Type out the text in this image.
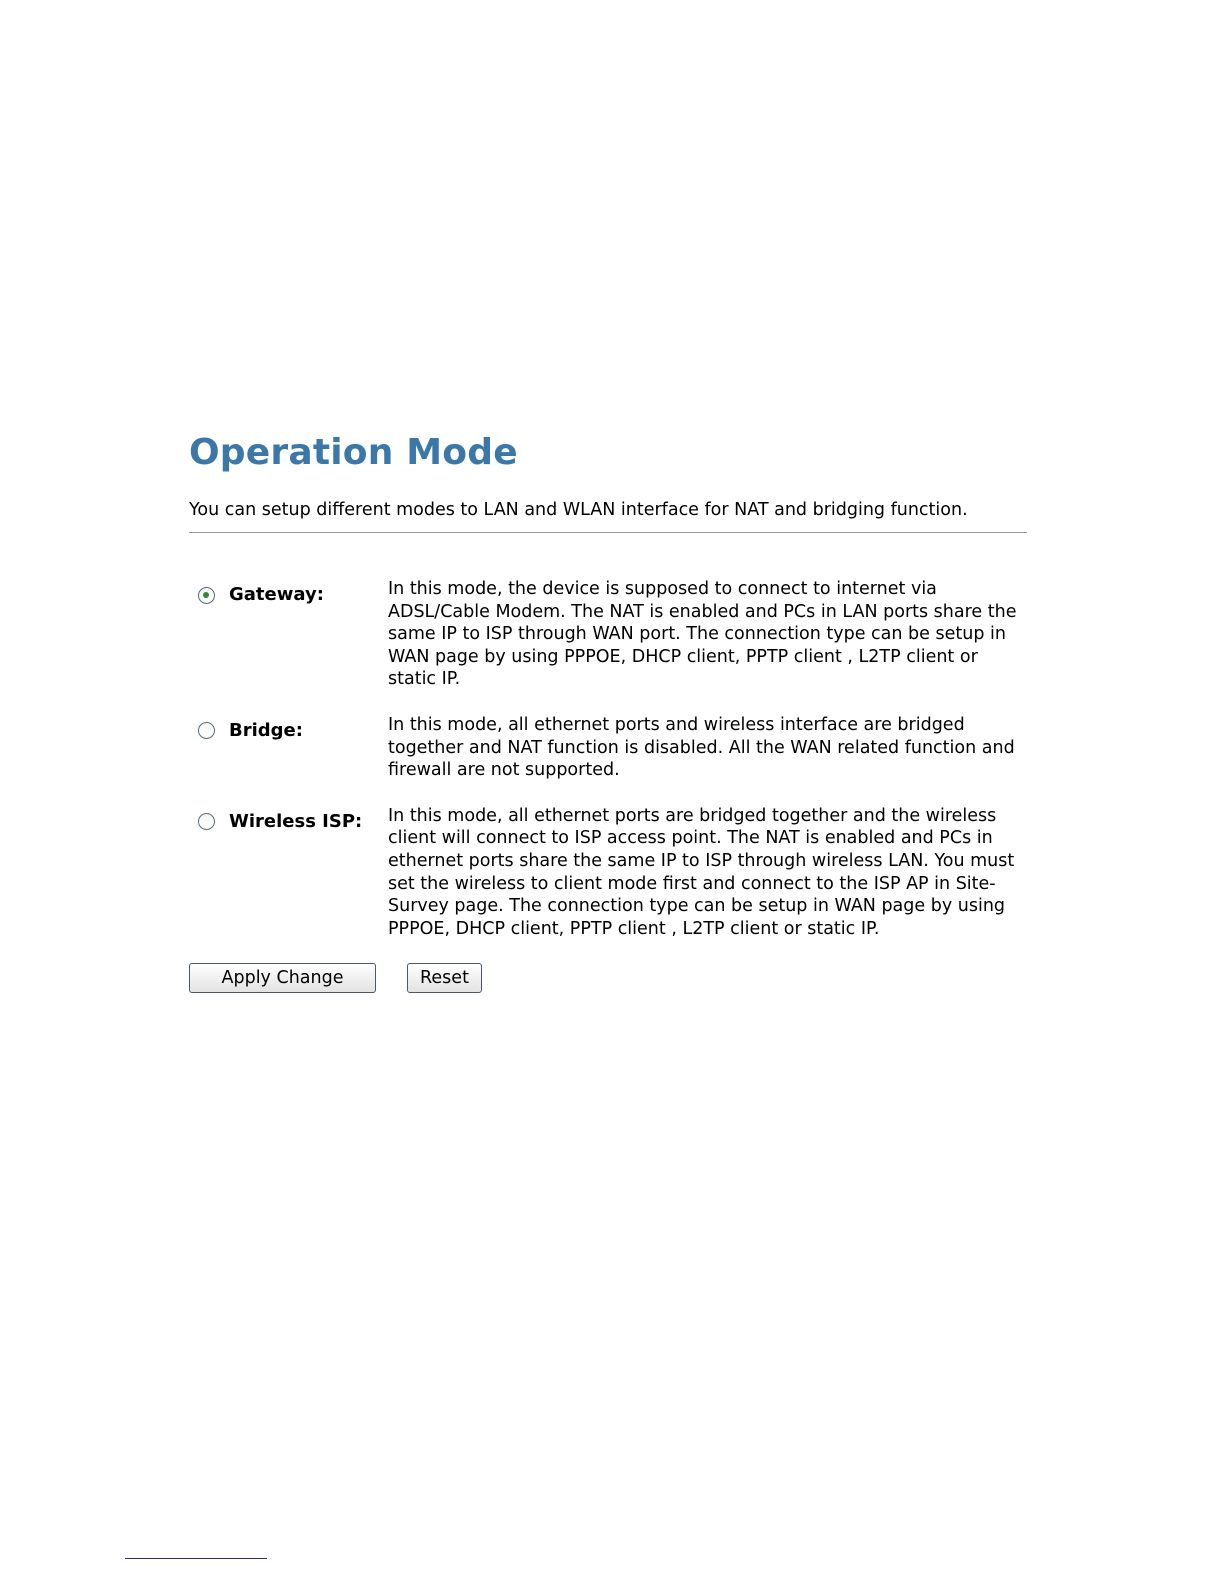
Operation Mode
You can setup different modes to LAN and WLAN interface for NAT and bridging function.
Gateway:	In this mode, the device is supposed to connect to internet via ADSL/Cable Modem. The NAT is enabled and PCs in LAN ports share the same IP to ISP through WAN port. The connection type can be setup in WAN page by using PPPOE, DHCP client, PPTP client , L2TP client or static IP.
Bridge:	In this mode, all ethernet ports and wireless interface are bridged together and NAT function is disabled. All the WAN related function and firewall are not supported.
Wireless ISP: In this mode, all ethernet ports are bridged together and the wireless client will connect to ISP access point. The NAT is enabled and PCs in ethernet ports share the same IP to ISP through wireless LAN. You must set the wireless to client mode first and connect to the ISP AP in Site-Survey page. The connection type can be setup in WAN page by using PPPOE, DHCP client, PPTP client , L2TP client or static IP.
Apply Change	Reset
